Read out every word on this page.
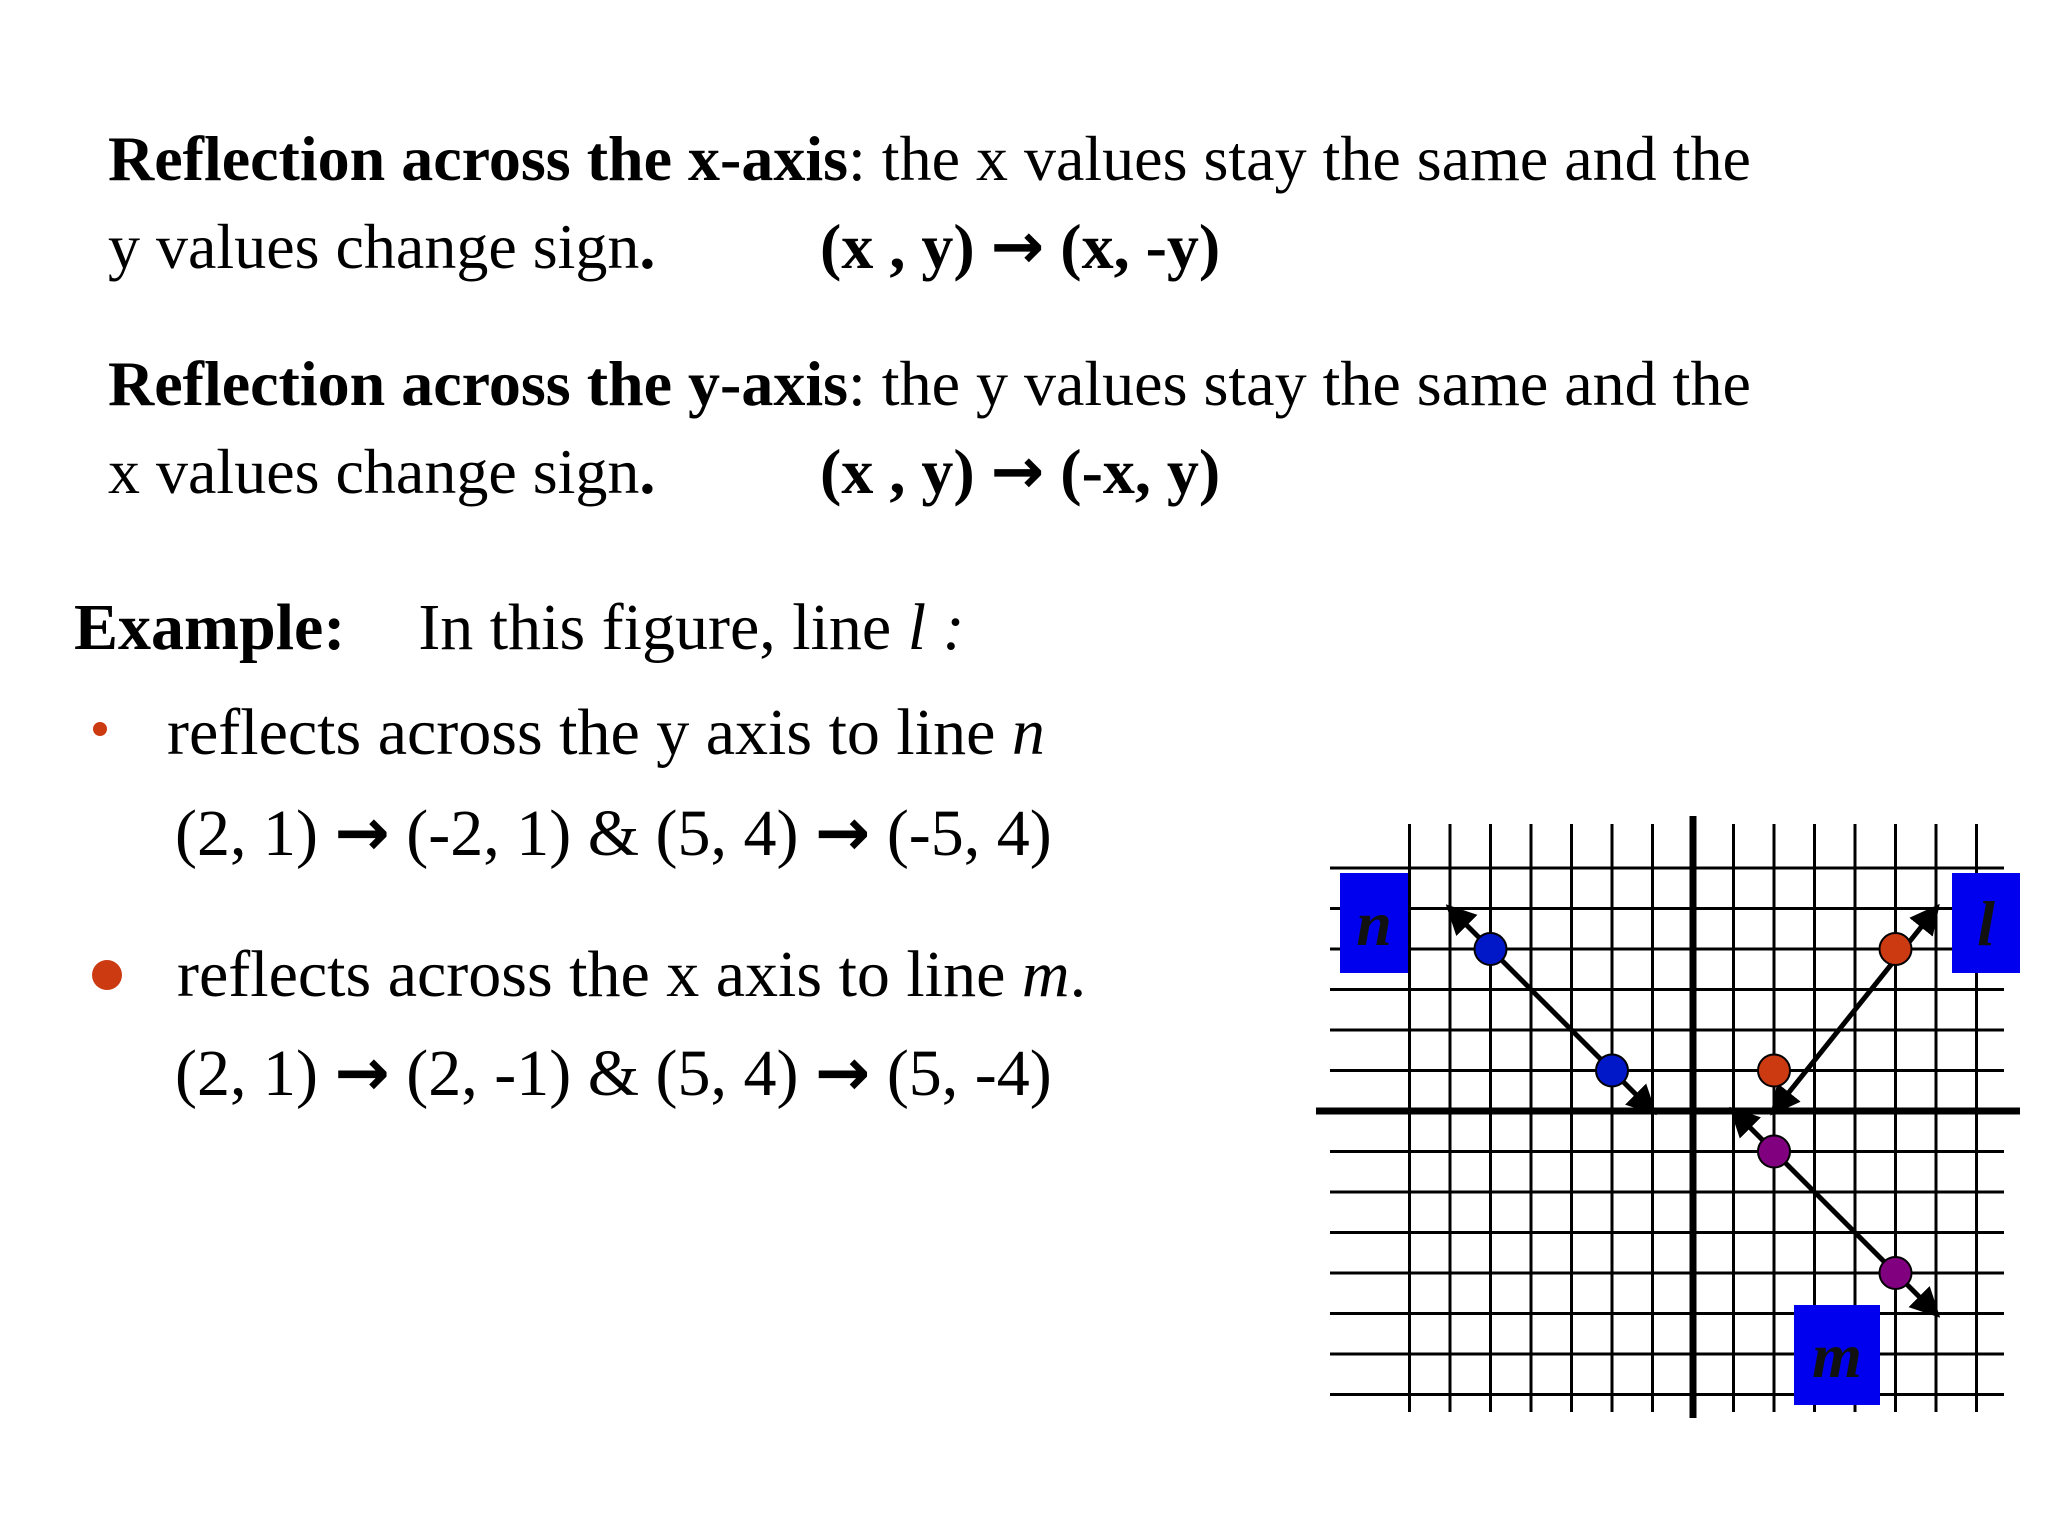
Reflection across the x-axis: the x values stay the same and the
y values change sign.	(x , y) → (x, -y)
Reflection across the y-axis: the y values stay the same and the
x values change sign.	(x , y) → (-x, y)
Example: In this figure, line l :
reflects across the y axis to line n
(2, 1) → (-2, 1) & (5, 4) → (-5, 4)
reflects across the x axis to line m.
(2, 1) → (2, -1) & (5, 4) → (5, -4)
n	l
m
